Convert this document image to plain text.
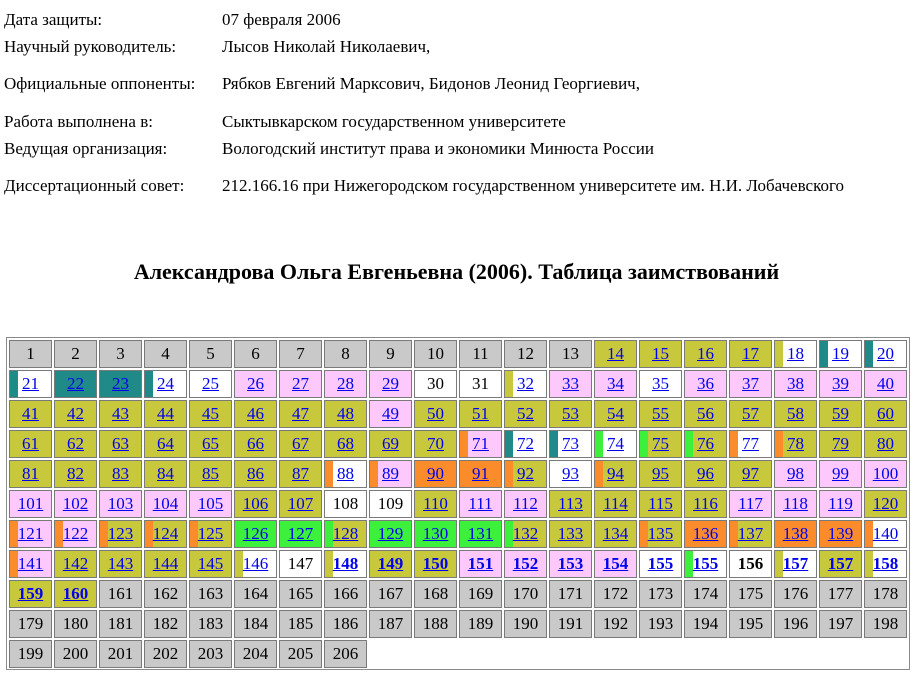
Дата защиты:	07 февраля 2006
Научный руководитель:	Лысов Николай Николаевич,
Официальные оппоненты:	Рябков Евгений Марксович, Бидонов Леонид Георгиевич,
Работа выполнена в:	Сыктывкарском государственном университете
Ведущая организация:	Вологодский институт права и экономики Минюста России
Диссертационный совет:	212.166.16 при Нижегородском государственном университете им. Н.И. Лобачевского
Александрова Ольга Евгеньевна (2006). Таблица заимствований
1	2	3	4	5	6	7	8	9	10	11	12	13	14	15	16	17	18	19	20
21	22	23	24	25	26	27	28	29	30	31	32	33	34	35	36	37	38	39	40
41	42	43	44	45	46	47	48	49	50	51	52	53	54	55	56	57	58	59	60
61	62	63	64	65	66	67	68	69	70	71	72	73	74	75	76	77	78	79	80
81	82	83	84	85	86	87	88	89	90	91	92	93	94	95	96	97	98	99	100
101	102	103	104	105	106	107	108	109	110	111	112	113	114	115	116	117	118	119	120
121	122	123	124	125	126	127	128	129	130	131	132	133	134	135	136	137	138	139	140
141	142	143	144	145	146	147	148	149	150	151	152	153	154	155	155	156	157	157	158
159	160	161	162	163	164	165	166	167	168	169	170	171	172	173	174	175	176	177	178
179	180	181	182	183	184	185	186	187	188	189	190	191	192	193	194	195	196	197	198
199	200	201	202	203	204	205	206
